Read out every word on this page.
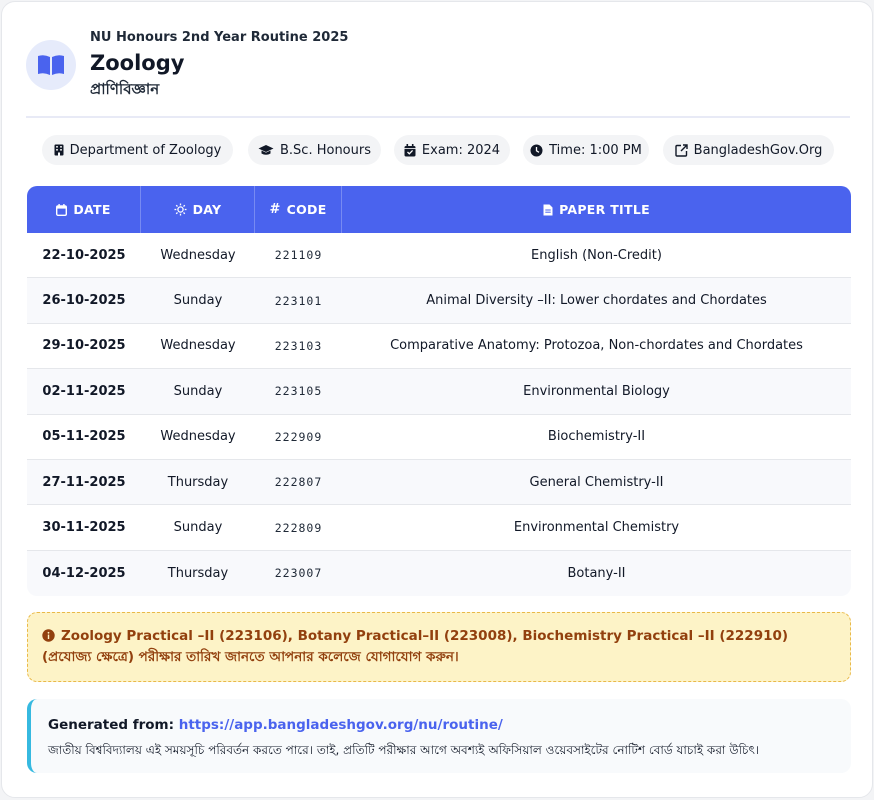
NU Honours 2nd Year Routine 2025
Zoology
প্রাণিবিজ্ঞান
Department of Zoology	B.Sc. Honours	Exam: 2024	Time: 1:00 PM	BangladeshGov.Org
DATE	DAY	# CODE	PAPER TITLE
22-10-2025	Wednesday	221109	English (Non-Credit)
26-10-2025	Sunday	223101	Animal Diversity –II: Lower chordates and Chordates
29-10-2025	Wednesday	223103	Comparative Anatomy: Protozoa, Non-chordates and Chordates
02-11-2025	Sunday	223105	Environmental Biology
05-11-2025	Wednesday	222909	Biochemistry-II
27-11-2025	Thursday	222807	General Chemistry-II
30-11-2025	Sunday	222809	Environmental Chemistry
04-12-2025	Thursday	223007	Botany-II
Zoology Practical –II (223106), Botany Practical–II (223008), Biochemistry Practical –II (222910) (প্রযোজ্য ক্ষেত্রে) পরীক্ষার তারিখ জানতে আপনার কলেজে যোগাযোগ করুন।
Generated from: https://app.bangladeshgov.org/nu/routine/
জাতীয় বিশ্ববিদ্যালয় এই সময়সূচি পরিবর্তন করতে পারে। তাই, প্রতিটি পরীক্ষার আগে অবশ্যই অফিসিয়াল ওয়েবসাইটের নোটিশ বোর্ড যাচাই করা উচিৎ।
